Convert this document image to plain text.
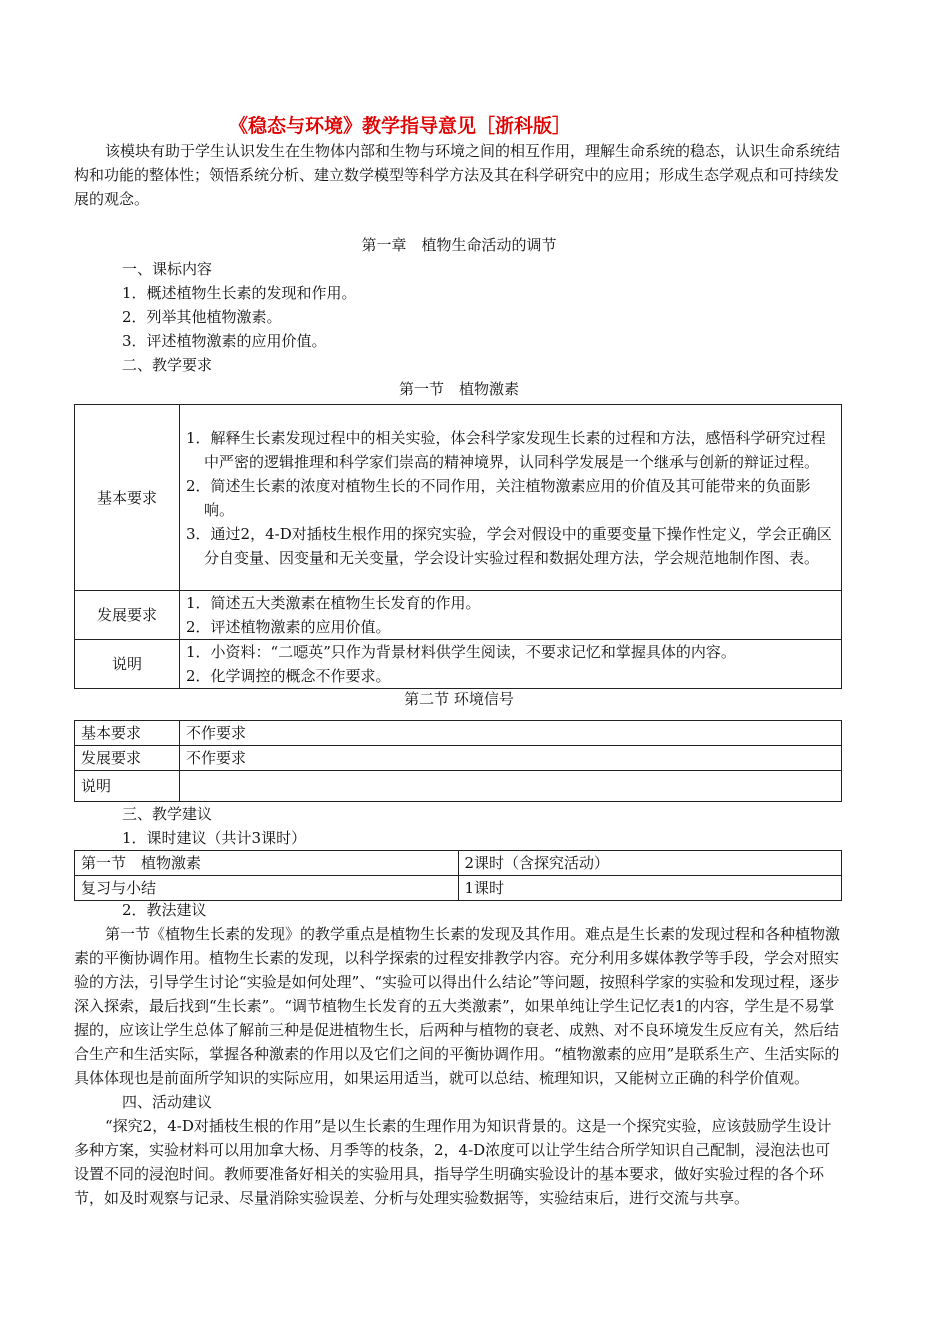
《稳态与环境》教学指导意见［浙科版］

该模块有助于学生认识发生在生物体内部和生物与环境之间的相互作用，理解生命系统的稳态，认识生命系统结构和功能的整体性；领悟系统分析、建立数学模型等科学方法及其在科学研究中的应用；形成生态学观点和可持续发展的观念。

第一章　植物生命活动的调节

一、课标内容

1．概述植物生长素的发现和作用。

2．列举其他植物激素。

3．评述植物激素的应用价值。

二、教学要求

第一节　植物激素

基本要求	1．解释生长素发现过程中的相关实验，体会科学家发现生长素的过程和方法，感悟科学研究过程中严密的逻辑推理和科学家们崇高的精神境界，认同科学发展是一个继承与创新的辩证过程。

2．简述生长素的浓度对植物生长的不同作用，关注植物激素应用的价值及其可能带来的负面影响。

3．通过2，4-D对插枝生根作用的探究实验，学会对假设中的重要变量下操作性定义，学会正确区分自变量、因变量和无关变量，学会设计实验过程和数据处理方法，学会规范地制作图、表。

发展要求	1．简述五大类激素在植物生长发育的作用。

2．评述植物激素的应用价值。

说明	1．小资料：“二噁英”只作为背景材料供学生阅读，不要求记忆和掌握具体的内容。

2．化学调控的概念不作要求。

第二节 环境信号

基本要求	不作要求
发展要求	不作要求
说明	

三、教学建议

1．课时建议（共计3课时）

第一节　植物激素	2课时（含探究活动）
复习与小结	1课时

2．教法建议

第一节《植物生长素的发现》的教学重点是植物生长素的发现及其作用。难点是生长素的发现过程和各种植物激素的平衡协调作用。植物生长素的发现，以科学探索的过程安排教学内容。充分利用多媒体教学等手段，学会对照实验的方法，引导学生讨论“实验是如何处理”、“实验可以得出什么结论”等问题，按照科学家的实验和发现过程，逐步深入探索，最后找到“生长素”。“调节植物生长发育的五大类激素”，如果单纯让学生记忆表1的内容，学生是不易掌握的，应该让学生总体了解前三种是促进植物生长，后两种与植物的衰老、成熟、对不良环境发生反应有关，然后结合生产和生活实际，掌握各种激素的作用以及它们之间的平衡协调作用。“植物激素的应用”是联系生产、生活实际的具体体现也是前面所学知识的实际应用，如果运用适当，就可以总结、梳理知识，又能树立正确的科学价值观。

四、活动建议

“探究2，4-D对插枝生根的作用”是以生长素的生理作用为知识背景的。这是一个探究实验，应该鼓励学生设计多种方案，实验材料可以用加拿大杨、月季等的枝条，2，4-D浓度可以让学生结合所学知识自己配制，浸泡法也可设置不同的浸泡时间。教师要准备好相关的实验用具，指导学生明确实验设计的基本要求，做好实验过程的各个环节，如及时观察与记录、尽量消除实验误差、分析与处理实验数据等，实验结束后，进行交流与共享。
